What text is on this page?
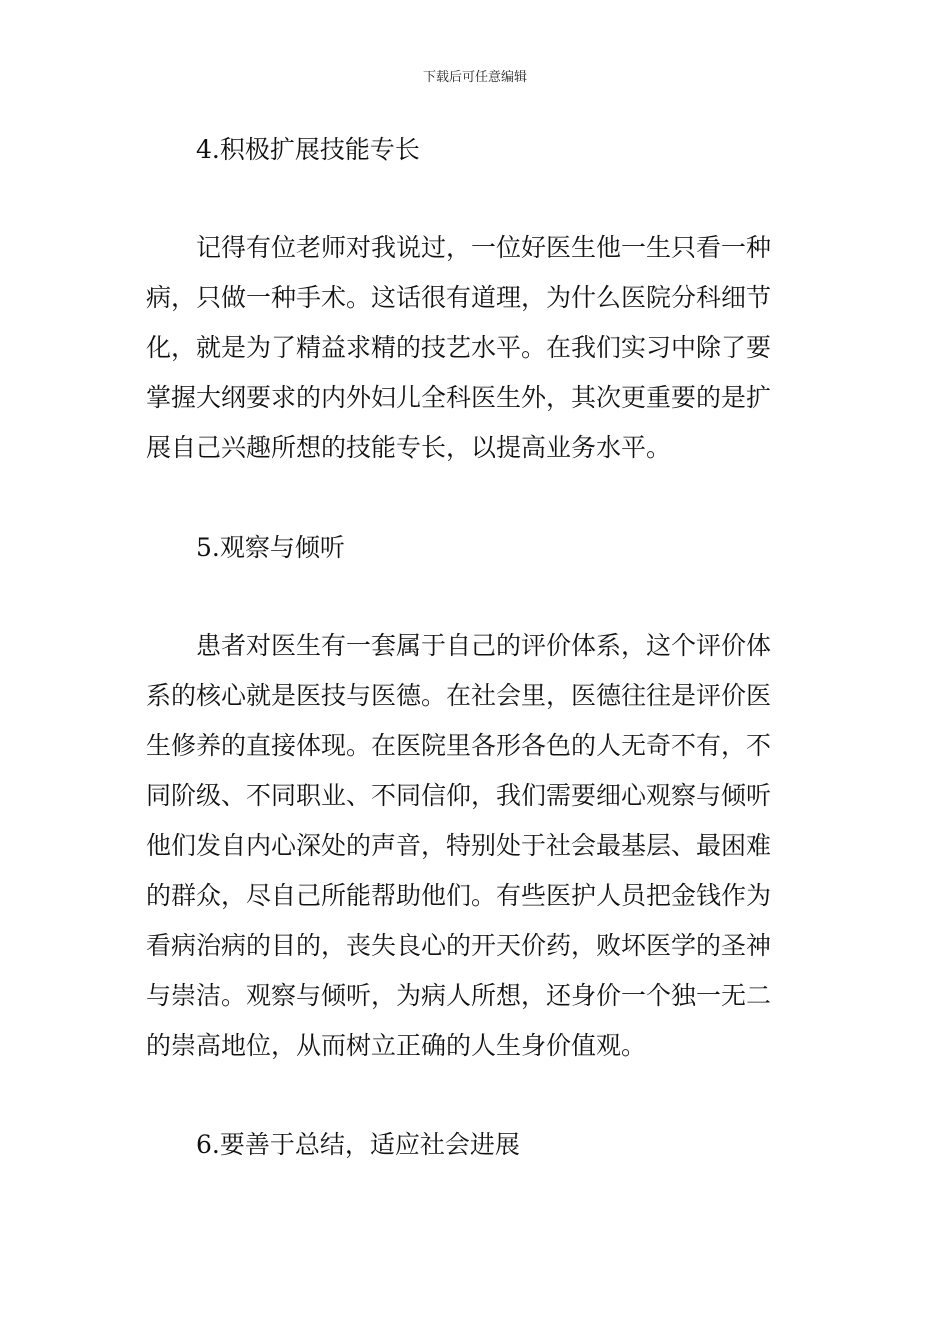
下载后可任意编辑
4.积极扩展技能专长
记得有位老师对我说过，一位好医生他一生只看一种
病，只做一种手术。这话很有道理，为什么医院分科细节
化，就是为了精益求精的技艺水平。在我们实习中除了要
掌握大纲要求的内外妇儿全科医生外，其次更重要的是扩
展自己兴趣所想的技能专长，以提高业务水平。
5.观察与倾听
患者对医生有一套属于自己的评价体系，这个评价体
系的核心就是医技与医德。在社会里，医德往往是评价医
生修养的直接体现。在医院里各形各色的人无奇不有，不
同阶级、不同职业、不同信仰，我们需要细心观察与倾听
他们发自内心深处的声音，特别处于社会最基层、最困难
的群众，尽自己所能帮助他们。有些医护人员把金钱作为
看病治病的目的，丧失良心的开天价药，败坏医学的圣神
与崇洁。观察与倾听，为病人所想，还身价一个独一无二
的崇高地位，从而树立正确的人生身价值观。
6.要善于总结，适应社会进展
